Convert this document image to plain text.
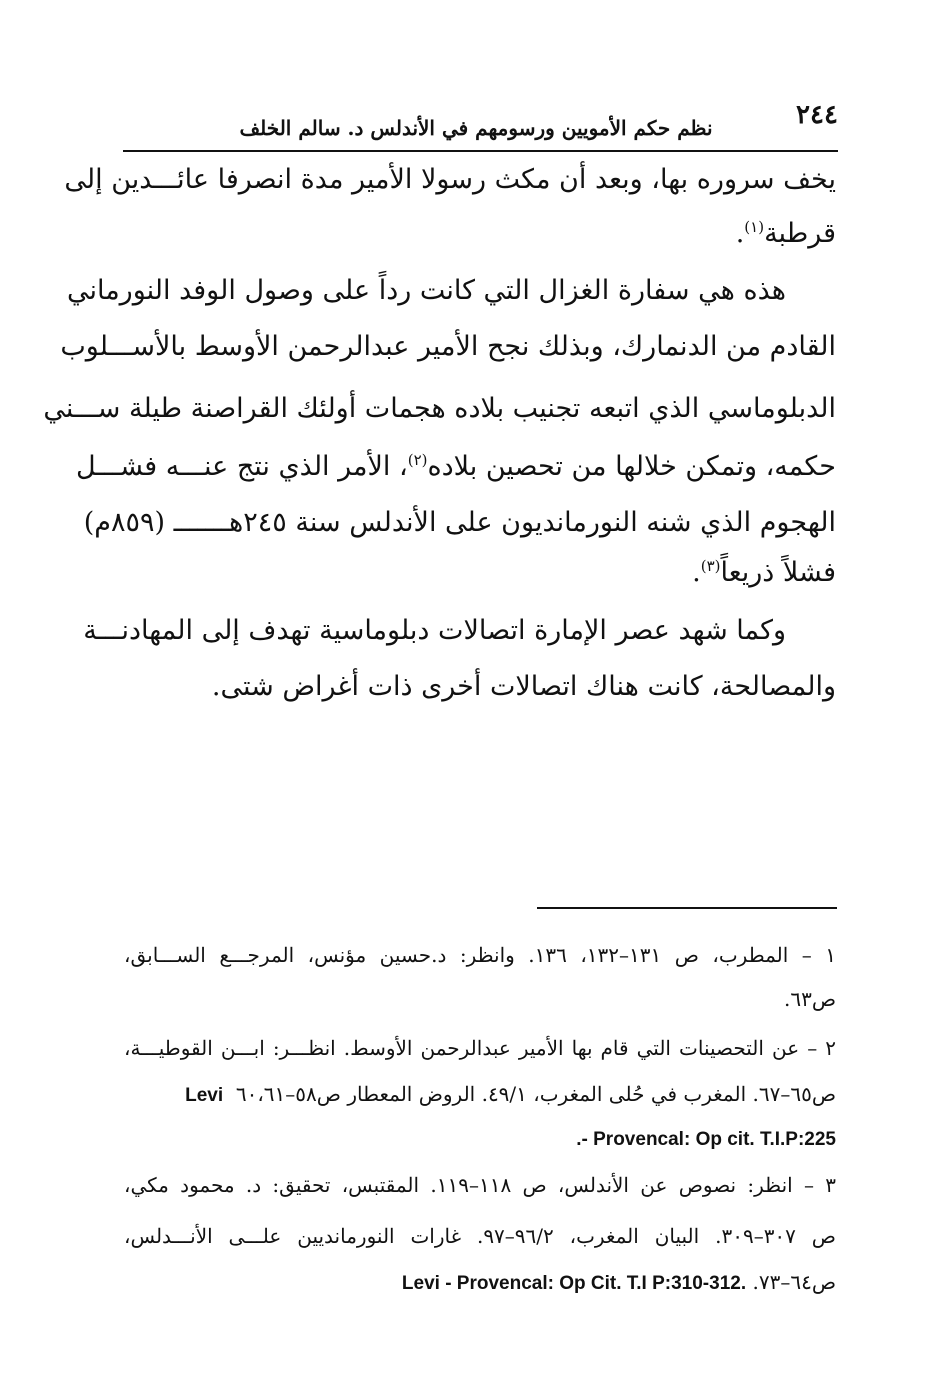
٢٤٤
نظم حكم الأمويين ورسومهم في الأندلس د. سالم الخلف
يخف سروره بها، وبعد أن مكث رسولا الأمير مدة انصرفا عائـــدين إلى
قرطبة$^{(١)}$.
هذه هي سفارة الغزال التي كانت رداً على وصول الوفد النورماني
القادم من الدنمارك، وبذلك نجح الأمير عبدالرحمن الأوسط بالأســـلوب
الدبلوماسي الذي اتبعه تجنيب بلاده هجمات أولئك القراصنة طيلة ســـني
حكمه، وتمكن خلالها من تحصين بلاده$^{(٢)}$، الأمر الذي نتج عنـــه فشـــل
الهجوم الذي شنه النورمانديون على الأندلس سنة ٢٤٥هـــــــ (٨٥٩م)
فشلاً ذريعاً$^{(٣)}$.
وكما شهد عصر الإمارة اتصالات دبلوماسية تهدف إلى المهادنـــة
والمصالحة، كانت هناك اتصالات أخرى ذات أغراض شتى.
١ – المطرب، ص ١٣١–١٣٢، ١٣٦. وانظر: د.حسين مؤنس، المرجـــع الســـابق،
ص٦٣.
٢ – عن التحصينات التي قام بها الأمير عبدالرحمن الأوسط. انظـــر: ابـــن القوطيـــة،
ص٦٥–٦٧. المغرب في حُلى المغرب، ٤٩/١. الروض المعطار ص٥٨–٦٠،٦١  Levi
.- Provencal: Op cit. T.I.P:225
٣ – انظر: نصوص عن الأندلس، ص ١١٨–١١٩. المقتبس، تحقيق: د. محمود مكي،
ص ٣٠٧–٣٠٩. البيان المغرب، ٩٦/٢–٩٧. غارات النورمانديين علـــى الأنـــدلس،
ص٦٤–٧٣. Levi - Provencal: Op Cit. T.I P:310-312.
